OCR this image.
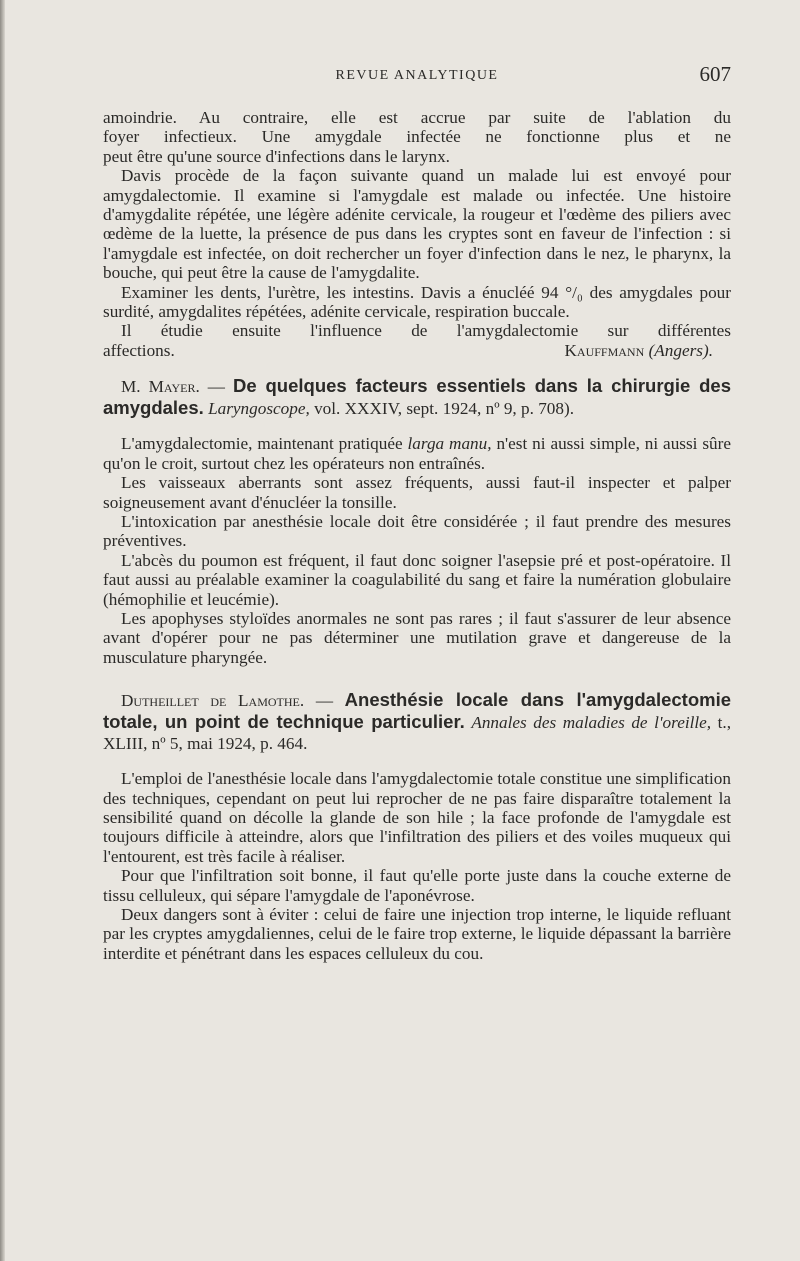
REVUE ANALYTIQUE	607

amoindrie. Au contraire, elle est accrue par suite de l'ablation du

foyer infectieux. Une amygdale infectée ne fonctionne plus et ne

peut être qu'une source d'infections dans le larynx.

Davis procède de la façon suivante quand un malade lui est envoyé pour amygdalectomie. Il examine si l'amygdale est malade ou infectée. Une histoire d'amygdalite répétée, une légère adénite cervicale, la rougeur et l'œdème des piliers avec œdème de la luette, la présence de pus dans les cryptes sont en faveur de l'infection : si l'amygdale est infectée, on doit rechercher un foyer d'infection dans le nez, le pharynx, la bouche, qui peut être la cause de l'amygdalite.

Examiner les dents, l'urètre, les intestins. Davis a énucléé 94 °/₀ des amygdales pour surdité, amygdalites répétées, adénite cervicale, respiration buccale.

Il étudie ensuite l'influence de l'amygdalectomie sur différentes

affections.	Kauffmann (Angers).

M. Mayer. — De quelques facteurs essentiels dans la chirurgie des amygdales. Laryngoscope, vol. XXXIV, sept. 1924, nº 9, p. 708).

L'amygdalectomie, maintenant pratiquée larga manu, n'est ni aussi simple, ni aussi sûre qu'on le croit, surtout chez les opérateurs non entraînés.

Les vaisseaux aberrants sont assez fréquents, aussi faut-il inspecter et palper soigneusement avant d'énucléer la tonsille.

L'intoxication par anesthésie locale doit être considérée ; il faut prendre des mesures préventives.

L'abcès du poumon est fréquent, il faut donc soigner l'asepsie pré et post-opératoire. Il faut aussi au préalable examiner la coagulabilité du sang et faire la numération globulaire (hémophilie et leucémie).

Les apophyses styloïdes anormales ne sont pas rares ; il faut s'assurer de leur absence avant d'opérer pour ne pas déterminer une mutilation grave et dangereuse de la musculature pharyngée.

Dutheillet de Lamothe. — Anesthésie locale dans l'amygdalectomie totale, un point de technique particulier. Annales des maladies de l'oreille, t., XLIII, nº 5, mai 1924, p. 464.

L'emploi de l'anesthésie locale dans l'amygdalectomie totale constitue une simplification des techniques, cependant on peut lui reprocher de ne pas faire disparaître totalement la sensibilité quand on décolle la glande de son hile ; la face profonde de l'amygdale est toujours difficile à atteindre, alors que l'infiltration des piliers et des voiles muqueux qui l'entourent, est très facile à réaliser.

Pour que l'infiltration soit bonne, il faut qu'elle porte juste dans la couche externe de tissu celluleux, qui sépare l'amygdale de l'aponévrose.

Deux dangers sont à éviter : celui de faire une injection trop interne, le liquide refluant par les cryptes amygdaliennes, celui de le faire trop externe, le liquide dépassant la barrière interdite et pénétrant dans les espaces celluleux du cou.
